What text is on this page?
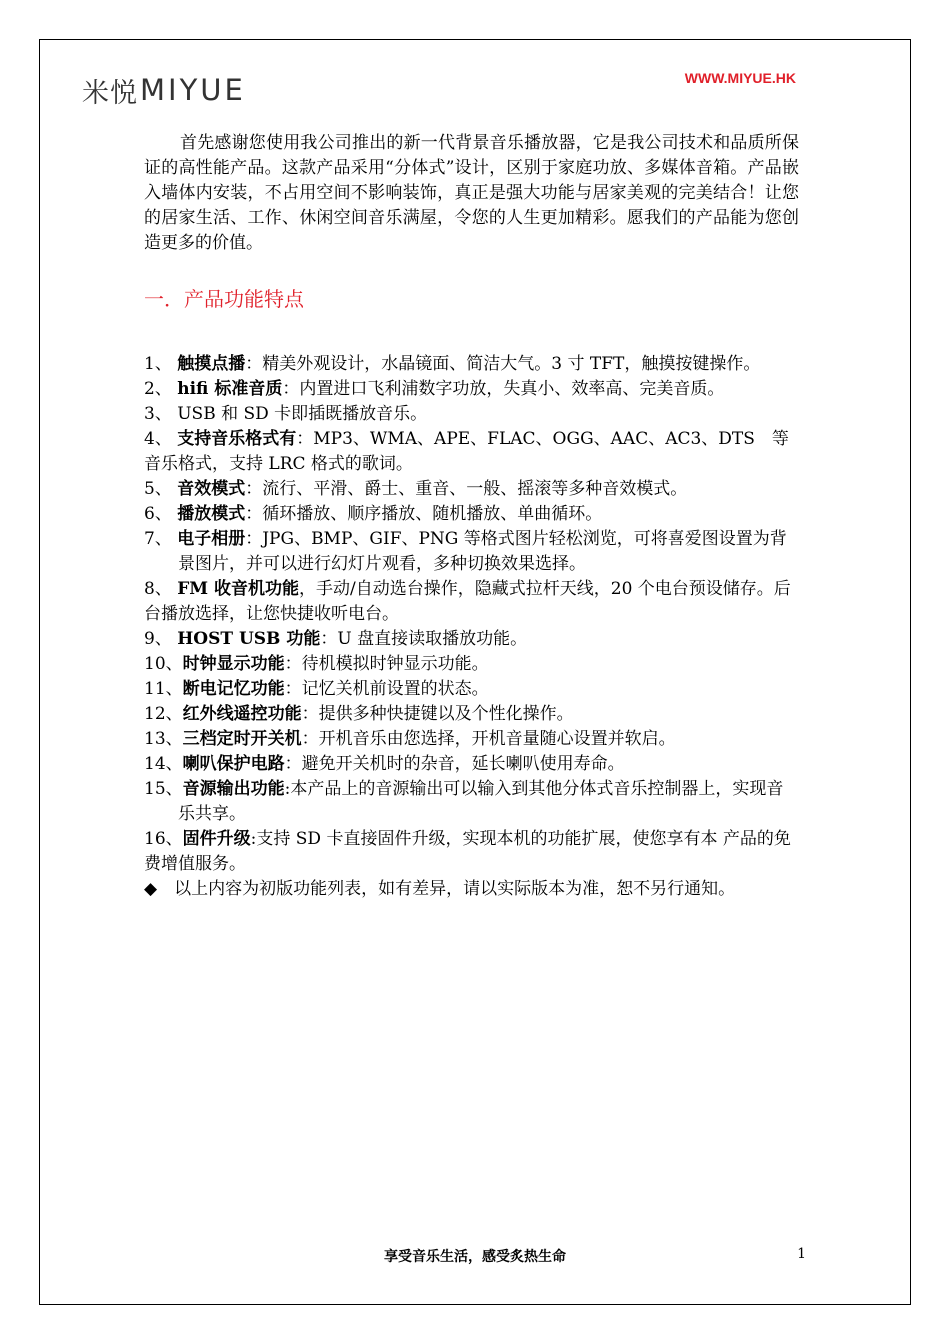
米悦 MIYUE	WWW.MIYUE.HK

首先感谢您使用我公司推出的新一代背景音乐播放器，它是我公司技术和品质所保证的高性能产品。这款产品采用“分体式”设计，区别于家庭功放、多媒体音箱。产品嵌入墙体内安装，不占用空间不影响装饰，真正是强大功能与居家美观的完美结合！让您的居家生活、工作、休闲空间音乐满屋，令您的人生更加精彩。愿我们的产品能为您创造更多的价值。

一．产品功能特点

1、 触摸点播：精美外观设计，水晶镜面、简洁大气。3 寸 TFT，触摸按键操作。

2、 hifi 标准音质：内置进口飞利浦数字功放，失真小、效率高、完美音质。

3、 USB 和 SD 卡即插既播放音乐。

4、 支持音乐格式有：MP3、WMA、APE、FLAC、OGG、AAC、AC3、DTS　等音乐格式，支持 LRC 格式的歌词。

5、 音效模式：流行、平滑、爵士、重音、一般、摇滚等多种音效模式。

6、 播放模式：循环播放、顺序播放、随机播放、单曲循环。

7、 电子相册：JPG、BMP、GIF、PNG 等格式图片轻松浏览，可将喜爱图设置为背景图片，并可以进行幻灯片观看，多种切换效果选择。

8、 FM 收音机功能，手动/自动选台操作，隐藏式拉杆天线，20 个电台预设储存。后台播放选择，让您快捷收听电台。

9、 HOST USB 功能：U 盘直接读取播放功能。

10、时钟显示功能：待机模拟时钟显示功能。

11、断电记忆功能：记忆关机前设置的状态。

12、红外线遥控功能：提供多种快捷键以及个性化操作。

13、三档定时开关机：开机音乐由您选择，开机音量随心设置并软启。

14、喇叭保护电路：避免开关机时的杂音，延长喇叭使用寿命。

15、音源输出功能:本产品上的音源输出可以输入到其他分体式音乐控制器上，实现音乐共享。

16、固件升级:支持 SD 卡直接固件升级，实现本机的功能扩展，使您享有本 产品的免费增值服务。

◆　以上内容为初版功能列表，如有差异，请以实际版本为准，恕不另行通知。

享受音乐生活，感受炙热生命	1
